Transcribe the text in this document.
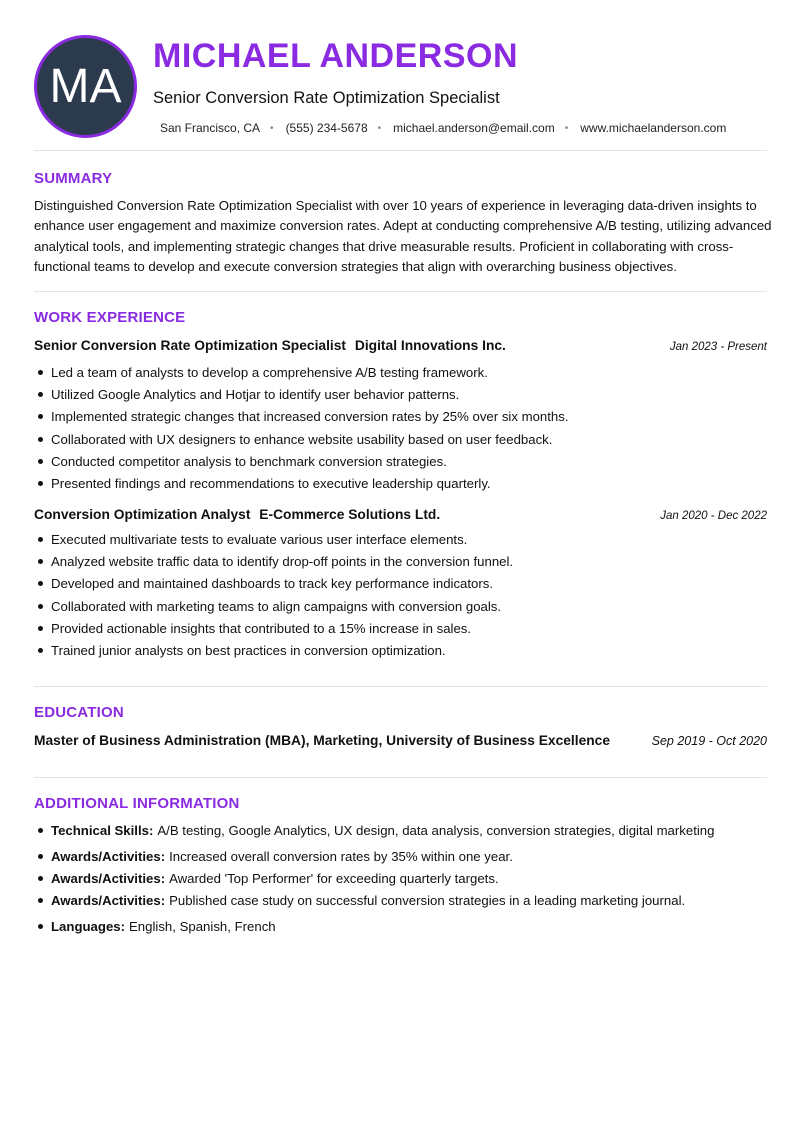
MA
MICHAEL ANDERSON
Senior Conversion Rate Optimization Specialist
San Francisco, CA • (555) 234-5678 • michael.anderson@email.com • www.michaelanderson.com
SUMMARY
Distinguished Conversion Rate Optimization Specialist with over 10 years of experience in leveraging data-driven insights to enhance user engagement and maximize conversion rates. Adept at conducting comprehensive A/B testing, utilizing advanced analytical tools, and implementing strategic changes that drive measurable results. Proficient in collaborating with cross-functional teams to develop and execute conversion strategies that align with overarching business objectives.
WORK EXPERIENCE
Senior Conversion Rate Optimization Specialist Digital Innovations Inc.	Jan 2023 - Present
Led a team of analysts to develop a comprehensive A/B testing framework.
Utilized Google Analytics and Hotjar to identify user behavior patterns.
Implemented strategic changes that increased conversion rates by 25% over six months.
Collaborated with UX designers to enhance website usability based on user feedback.
Conducted competitor analysis to benchmark conversion strategies.
Presented findings and recommendations to executive leadership quarterly.
Conversion Optimization Analyst E-Commerce Solutions Ltd.	Jan 2020 - Dec 2022
Executed multivariate tests to evaluate various user interface elements.
Analyzed website traffic data to identify drop-off points in the conversion funnel.
Developed and maintained dashboards to track key performance indicators.
Collaborated with marketing teams to align campaigns with conversion goals.
Provided actionable insights that contributed to a 15% increase in sales.
Trained junior analysts on best practices in conversion optimization.
EDUCATION
Master of Business Administration (MBA), Marketing, University of Business Excellence	Sep 2019 - Oct 2020
ADDITIONAL INFORMATION
Technical Skills: A/B testing, Google Analytics, UX design, data analysis, conversion strategies, digital marketing
Awards/Activities: Increased overall conversion rates by 35% within one year.
Awards/Activities: Awarded 'Top Performer' for exceeding quarterly targets.
Awards/Activities: Published case study on successful conversion strategies in a leading marketing journal.
Languages: English, Spanish, French
